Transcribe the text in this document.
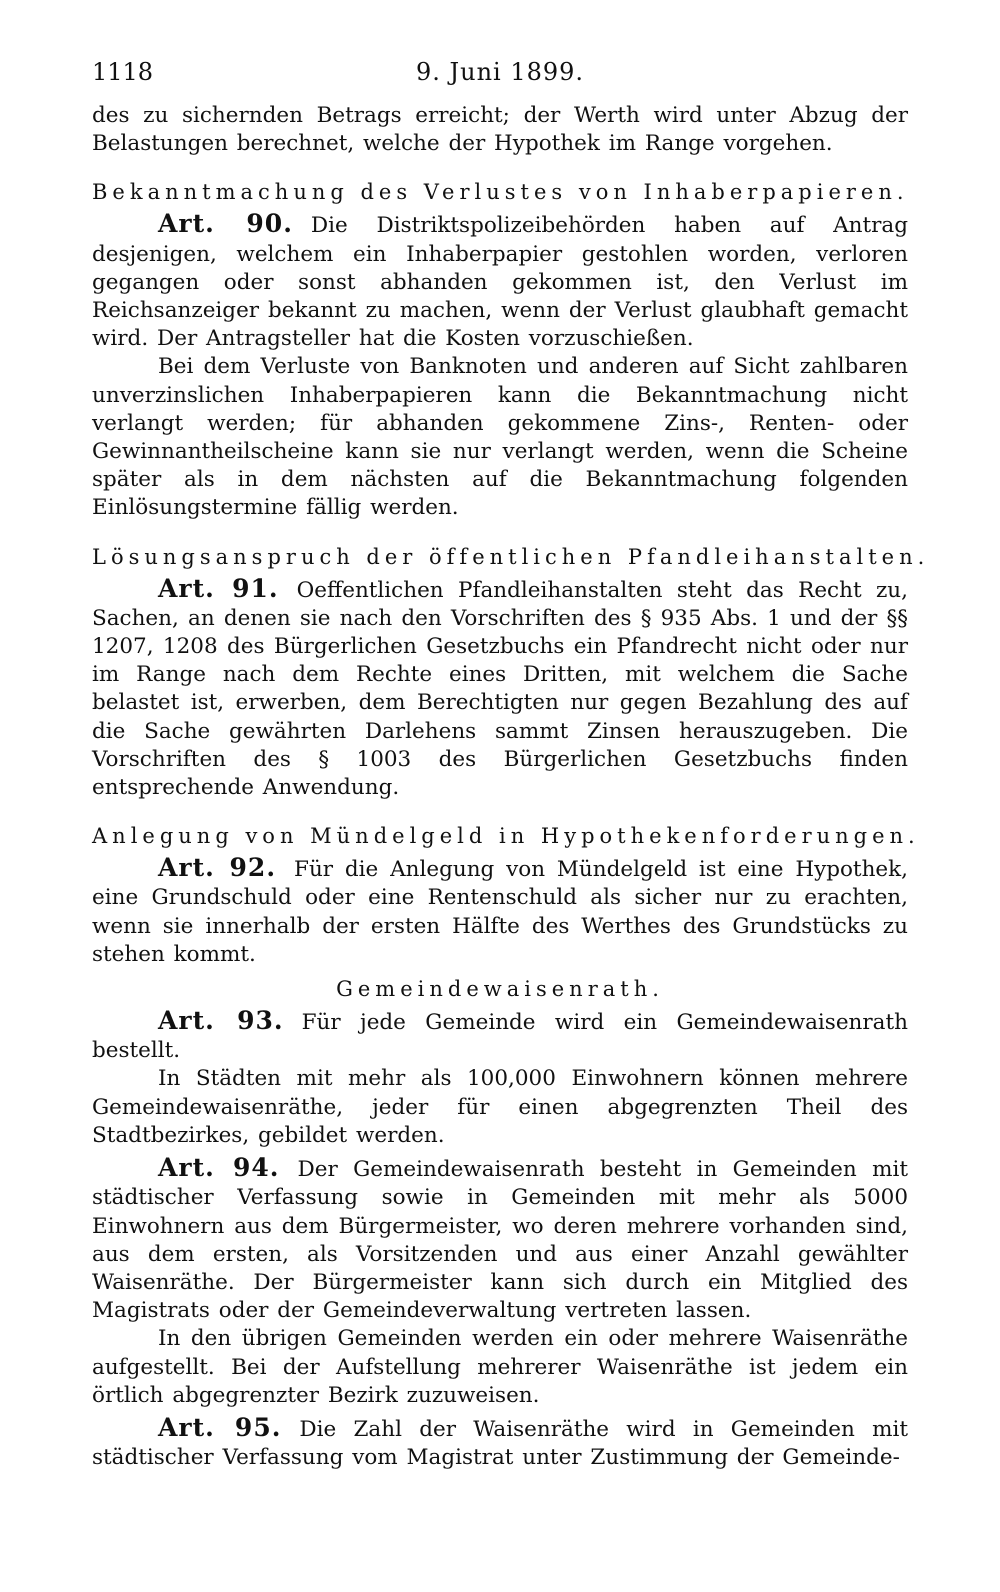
1118	9. Juni 1899.

des zu sichernden Betrags erreicht; der Werth wird unter Abzug der Belastungen berechnet, welche der Hypothek im Range vorgehen.

Bekanntmachung des Verlustes von Inhaberpapieren.

Art. 90. Die Distriktspolizeibehörden haben auf Antrag desjenigen, welchem ein Inhaberpapier gestohlen worden, verloren gegangen oder sonst abhanden gekommen ist, den Verlust im Reichsanzeiger bekannt zu machen, wenn der Verlust glaubhaft gemacht wird. Der Antragsteller hat die Kosten vorzuschießen.

Bei dem Verluste von Banknoten und anderen auf Sicht zahlbaren unverzinslichen Inhaberpapieren kann die Bekanntmachung nicht verlangt werden; für abhanden gekommene Zins-, Renten- oder Gewinnantheilscheine kann sie nur verlangt werden, wenn die Scheine später als in dem nächsten auf die Bekanntmachung folgenden Einlösungstermine fällig werden.

Lösungsanspruch der öffentlichen Pfandleihanstalten.

Art. 91. Oeffentlichen Pfandleihanstalten steht das Recht zu, Sachen, an denen sie nach den Vorschriften des § 935 Abs. 1 und der §§ 1207, 1208 des Bürgerlichen Gesetzbuchs ein Pfandrecht nicht oder nur im Range nach dem Rechte eines Dritten, mit welchem die Sache belastet ist, erwerben, dem Berechtigten nur gegen Bezahlung des auf die Sache gewährten Darlehens sammt Zinsen herauszugeben. Die Vorschriften des § 1003 des Bürgerlichen Gesetzbuchs finden entsprechende Anwendung.

Anlegung von Mündelgeld in Hypothekenforderungen.

Art. 92. Für die Anlegung von Mündelgeld ist eine Hypothek, eine Grundschuld oder eine Rentenschuld als sicher nur zu erachten, wenn sie innerhalb der ersten Hälfte des Werthes des Grundstücks zu stehen kommt.

Gemeindewaisenrath.

Art. 93. Für jede Gemeinde wird ein Gemeindewaisenrath bestellt.

In Städten mit mehr als 100,000 Einwohnern können mehrere Gemeindewaisenräthe, jeder für einen abgegrenzten Theil des Stadtbezirkes, gebildet werden.

Art. 94. Der Gemeindewaisenrath besteht in Gemeinden mit städtischer Verfassung sowie in Gemeinden mit mehr als 5000 Einwohnern aus dem Bürgermeister, wo deren mehrere vorhanden sind, aus dem ersten, als Vorsitzenden und aus einer Anzahl gewählter Waisenräthe. Der Bürgermeister kann sich durch ein Mitglied des Magistrats oder der Gemeindeverwaltung vertreten lassen.

In den übrigen Gemeinden werden ein oder mehrere Waisenräthe aufgestellt. Bei der Aufstellung mehrerer Waisenräthe ist jedem ein örtlich abgegrenzter Bezirk zuzuweisen.

Art. 95. Die Zahl der Waisenräthe wird in Gemeinden mit städtischer Verfassung vom Magistrat unter Zustimmung der Gemeinde-
